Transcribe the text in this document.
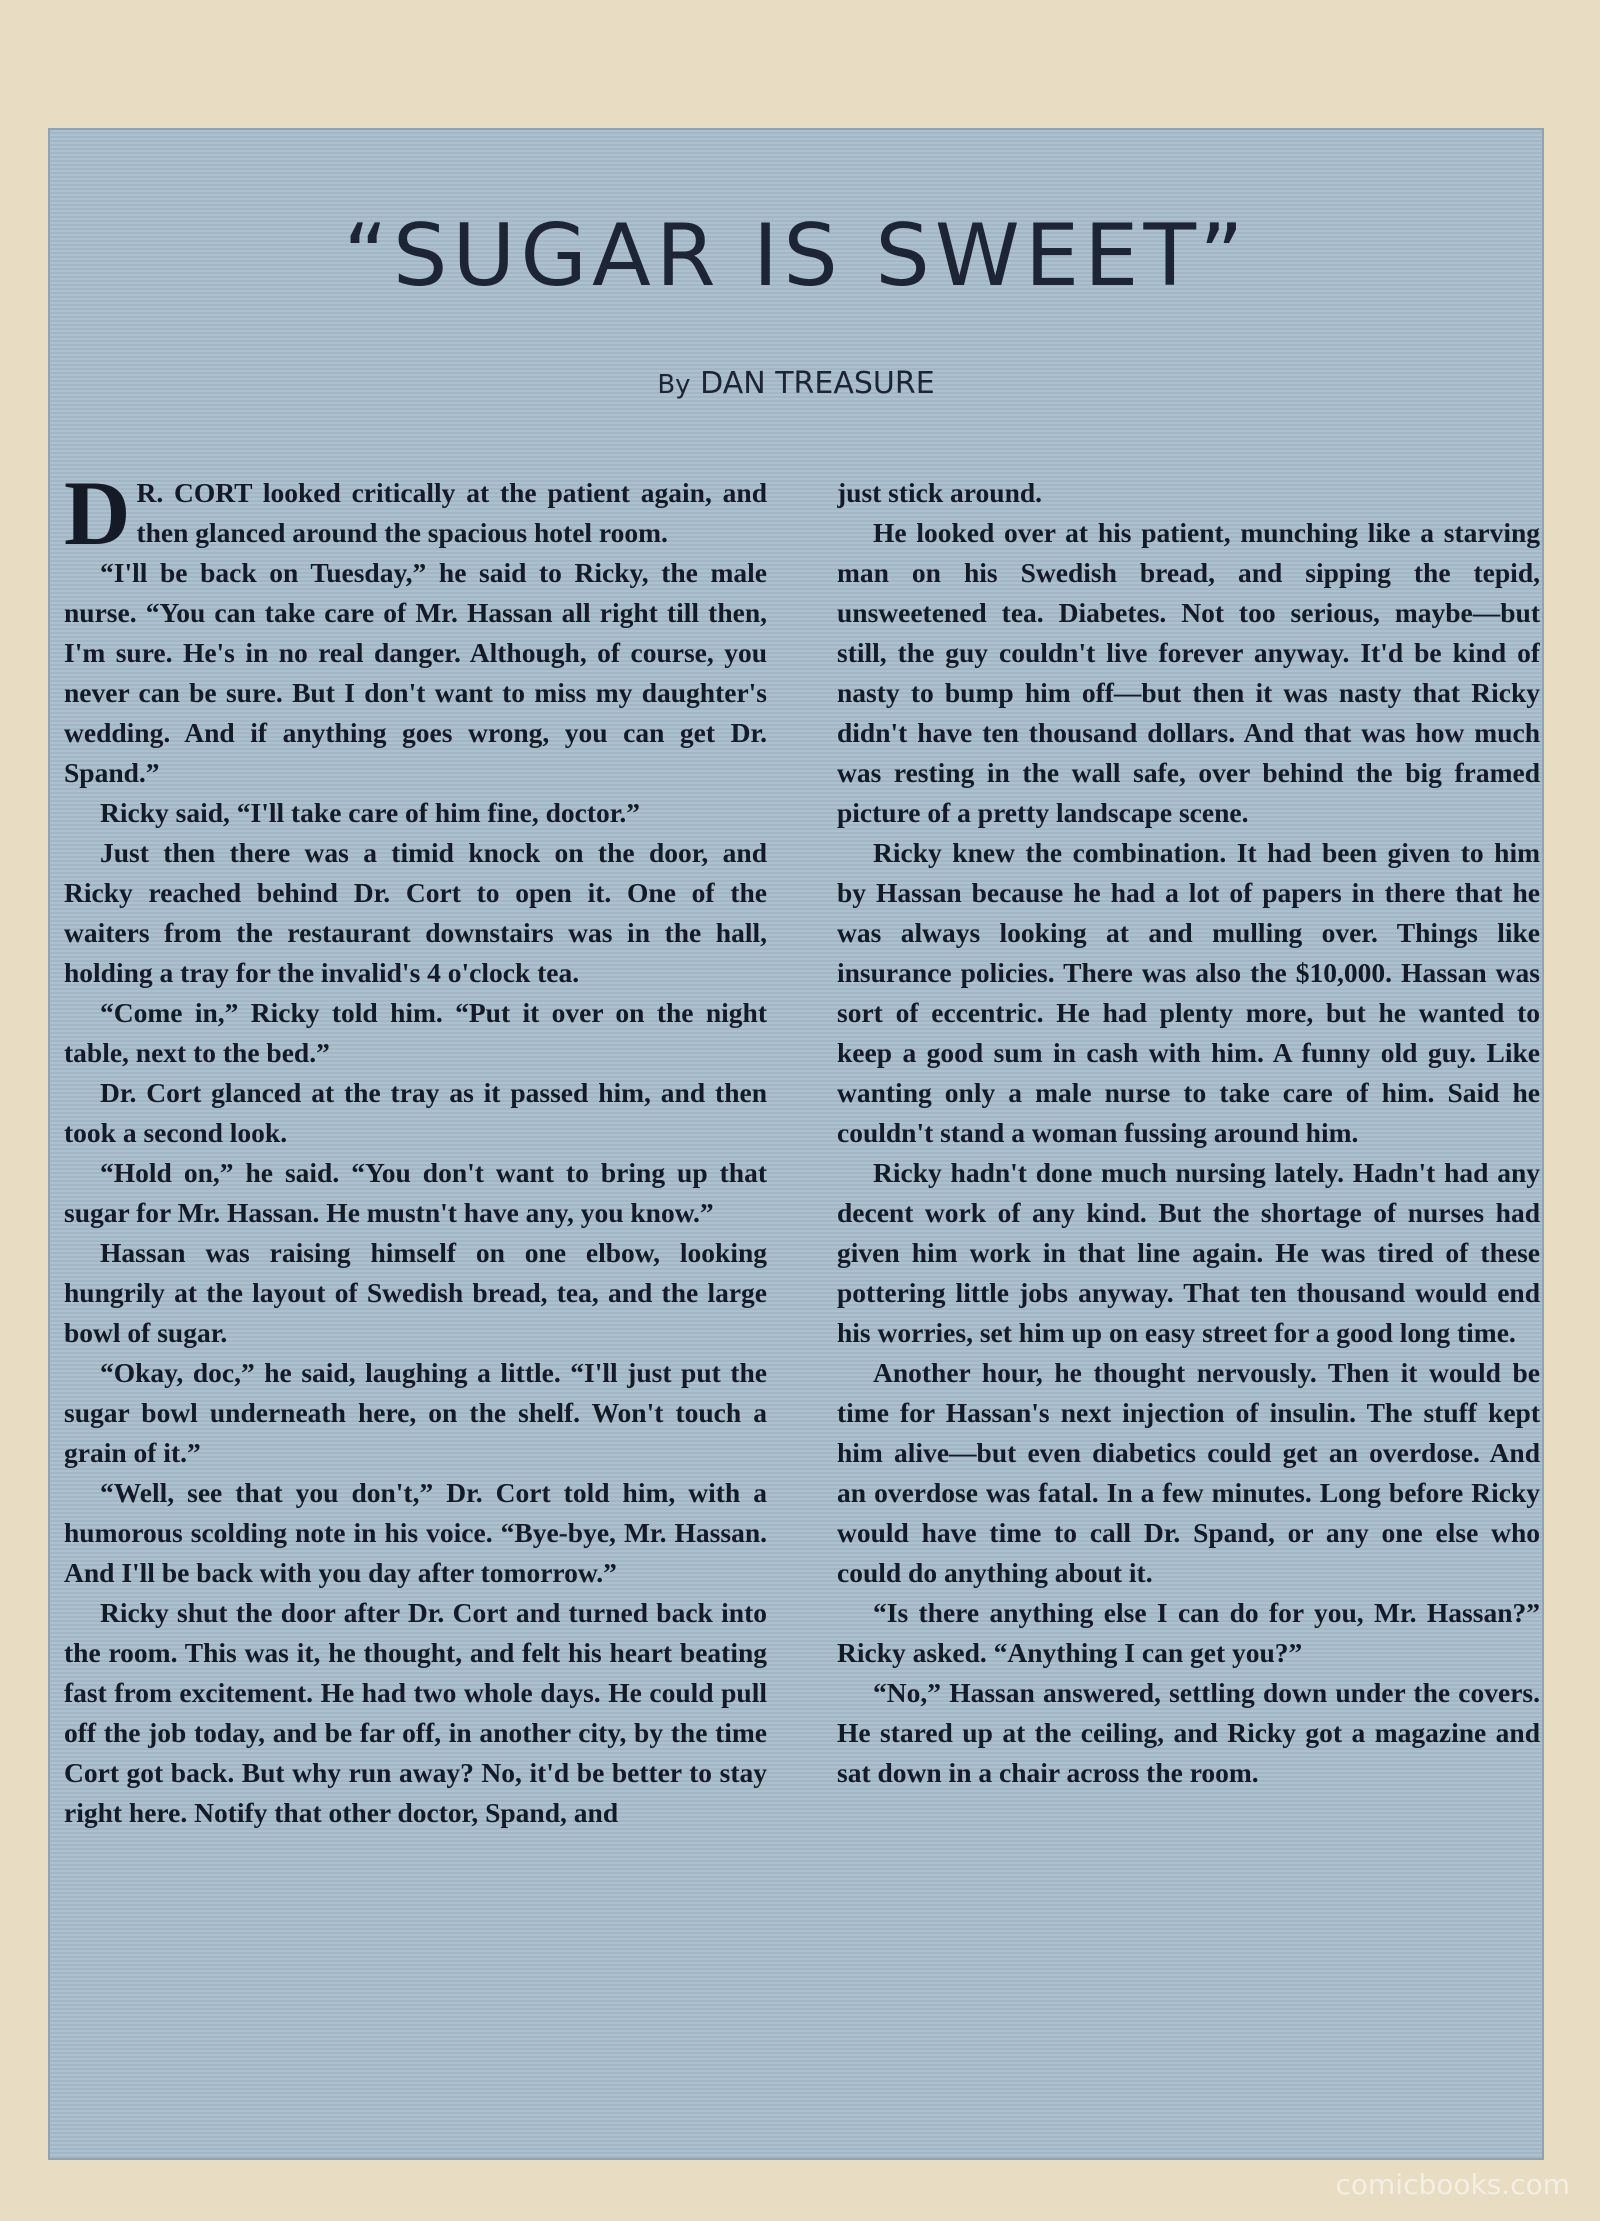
“SUGAR IS SWEET”

By DAN TREASURE

D R. CORT looked critically at the patient again, and then glanced around the spacious hotel room.

“I'll be back on Tuesday,” he said to Ricky, the male nurse. “You can take care of Mr. Hassan all right till then, I'm sure. He's in no real danger. Although, of course, you never can be sure. But I don't want to miss my daughter's wedding. And if anything goes wrong, you can get Dr. Spand.”

Ricky said, “I'll take care of him fine, doctor.”

Just then there was a timid knock on the door, and Ricky reached behind Dr. Cort to open it. One of the waiters from the restaurant downstairs was in the hall, holding a tray for the invalid's 4 o'clock tea.

“Come in,” Ricky told him. “Put it over on the night table, next to the bed.”

Dr. Cort glanced at the tray as it passed him, and then took a second look.

“Hold on,” he said. “You don't want to bring up that sugar for Mr. Hassan. He mustn't have any, you know.”

Hassan was raising himself on one elbow, looking hungrily at the layout of Swedish bread, tea, and the large bowl of sugar.

“Okay, doc,” he said, laughing a little. “I'll just put the sugar bowl underneath here, on the shelf. Won't touch a grain of it.”

“Well, see that you don't,” Dr. Cort told him, with a humorous scolding note in his voice. “Bye-bye, Mr. Hassan. And I'll be back with you day after tomorrow.”

Ricky shut the door after Dr. Cort and turned back into the room. This was it, he thought, and felt his heart beating fast from excitement. He had two whole days. He could pull off the job today, and be far off, in another city, by the time Cort got back. But why run away? No, it'd be better to stay right here. Notify that other doctor, Spand, and

just stick around.

He looked over at his patient, munching like a starving man on his Swedish bread, and sipping the tepid, unsweetened tea. Diabetes. Not too serious, maybe—but still, the guy couldn't live forever anyway. It'd be kind of nasty to bump him off—but then it was nasty that Ricky didn't have ten thousand dollars. And that was how much was resting in the wall safe, over behind the big framed picture of a pretty landscape scene.

Ricky knew the combination. It had been given to him by Hassan because he had a lot of papers in there that he was always looking at and mulling over. Things like insurance policies. There was also the $10,000. Hassan was sort of eccentric. He had plenty more, but he wanted to keep a good sum in cash with him. A funny old guy. Like wanting only a male nurse to take care of him. Said he couldn't stand a woman fussing around him.

Ricky hadn't done much nursing lately. Hadn't had any decent work of any kind. But the shortage of nurses had given him work in that line again. He was tired of these pottering little jobs anyway. That ten thousand would end his worries, set him up on easy street for a good long time.

Another hour, he thought nervously. Then it would be time for Hassan's next injection of insulin. The stuff kept him alive—but even diabetics could get an overdose. And an overdose was fatal. In a few minutes. Long before Ricky would have time to call Dr. Spand, or any one else who could do anything about it.

“Is there anything else I can do for you, Mr. Hassan?” Ricky asked. “Anything I can get you?”

“No,” Hassan answered, settling down under the covers. He stared up at the ceiling, and Ricky got a magazine and sat down in a chair across the room.

comicbooks.com
